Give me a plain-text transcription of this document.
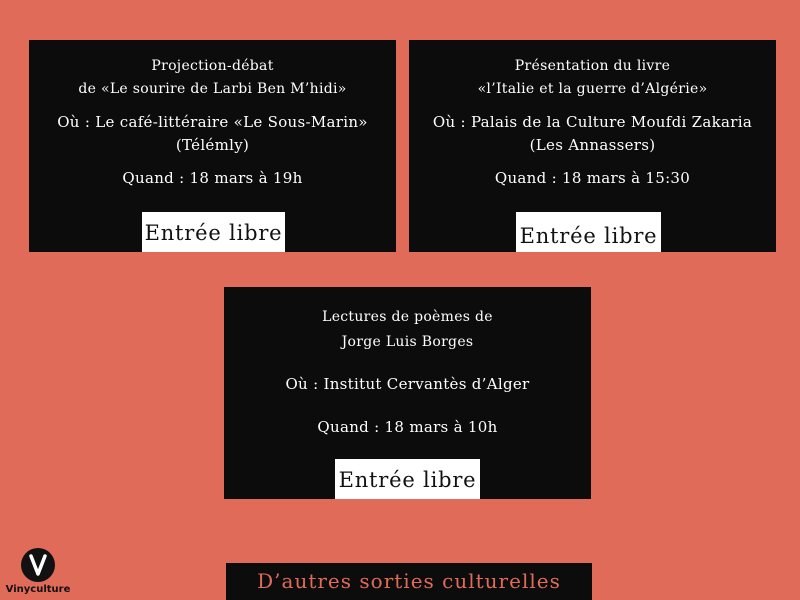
Projection-débat
de «Le sourire de Larbi Ben M’hidi»
Où : Le café-littéraire «Le Sous-Marin»
(Télémly)
Quand : 18 mars à 19h
Entrée libre
Présentation du livre
«l’Italie et la guerre d’Algérie»
Où : Palais de la Culture Moufdi Zakaria
(Les Annassers)
Quand : 18 mars à 15:30
Entrée libre
Lectures de poèmes de
Jorge Luis Borges
Où : Institut Cervantès d’Alger
Quand : 18 mars à 10h
Entrée libre
Vinyculture	D’autres sorties culturelles
